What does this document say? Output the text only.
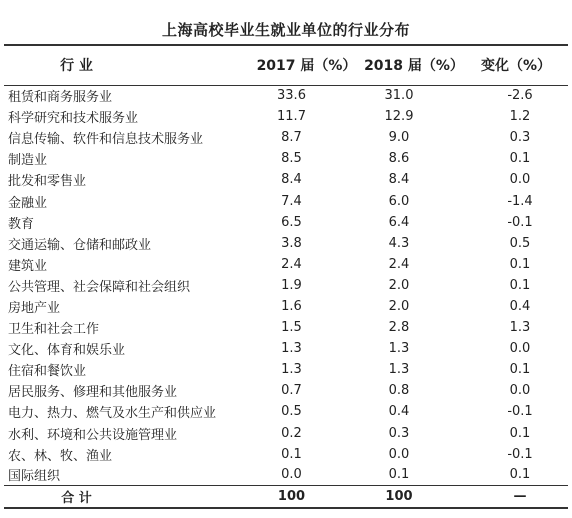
上海高校毕业生就业单位的行业分布
行 业	2017 届（%）	2018 届（%）	变化（%）
租赁和商务服务业	33.6	31.0	-2.6
科学研究和技术服务业	11.7	12.9	1.2
信息传输、软件和信息技术服务业	8.7	9.0	0.3
制造业	8.5	8.6	0.1
批发和零售业	8.4	8.4	0.0
金融业	7.4	6.0	-1.4
教育	6.5	6.4	-0.1
交通运输、仓储和邮政业	3.8	4.3	0.5
建筑业	2.4	2.4	0.1
公共管理、社会保障和社会组织	1.9	2.0	0.1
房地产业	1.6	2.0	0.4
卫生和社会工作	1.5	2.8	1.3
文化、体育和娱乐业	1.3	1.3	0.0
住宿和餐饮业	1.3	1.3	0.1
居民服务、修理和其他服务业	0.7	0.8	0.0
电力、热力、燃气及水生产和供应业	0.5	0.4	-0.1
水利、环境和公共设施管理业	0.2	0.3	0.1
农、林、牧、渔业	0.1	0.0	-0.1
国际组织	0.0	0.1	0.1
合 计	100	100	—
